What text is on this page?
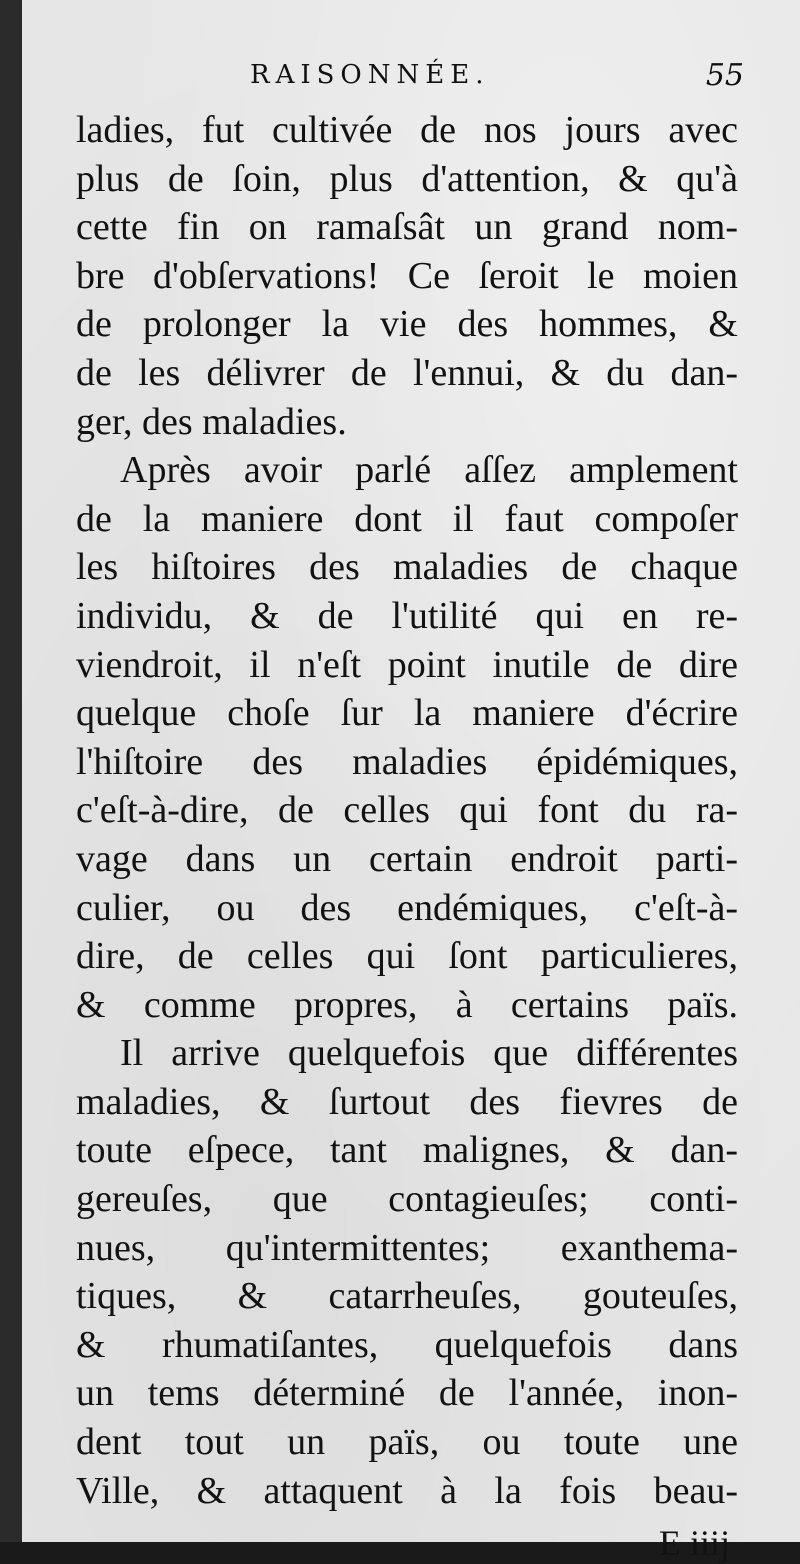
RAISONNÉE.	55
ladies, fut cultivée de nos jours avec
plus de ſoin, plus d'attention, & qu'à
cette fin on ramaſsât un grand nom-
bre d'obſervations! Ce ſeroit le moien
de prolonger la vie des hommes, &
de les délivrer de l'ennui, & du dan-
ger, des maladies.
Après avoir parlé aſſez amplement
de la maniere dont il faut compoſer
les hiſtoires des maladies de chaque
individu, & de l'utilité qui en re-
viendroit, il n'eſt point inutile de dire
quelque choſe ſur la maniere d'écrire
l'hiſtoire des maladies épidémiques,
c'eſt-à-dire, de celles qui font du ra-
vage dans un certain endroit parti-
culier, ou des endémiques, c'eſt-à-
dire, de celles qui ſont particulieres,
& comme propres, à certains païs.
Il arrive quelquefois que différentes
maladies, & ſurtout des fievres de
toute eſpece, tant malignes, & dan-
gereuſes, que contagieuſes; conti-
nues, qu'intermittentes; exanthema-
tiques, & catarrheuſes, gouteuſes,
& rhumatiſantes, quelquefois dans
un tems déterminé de l'année, inon-
dent tout un païs, ou toute une
Ville, & attaquent à la fois beau-
E iiij
